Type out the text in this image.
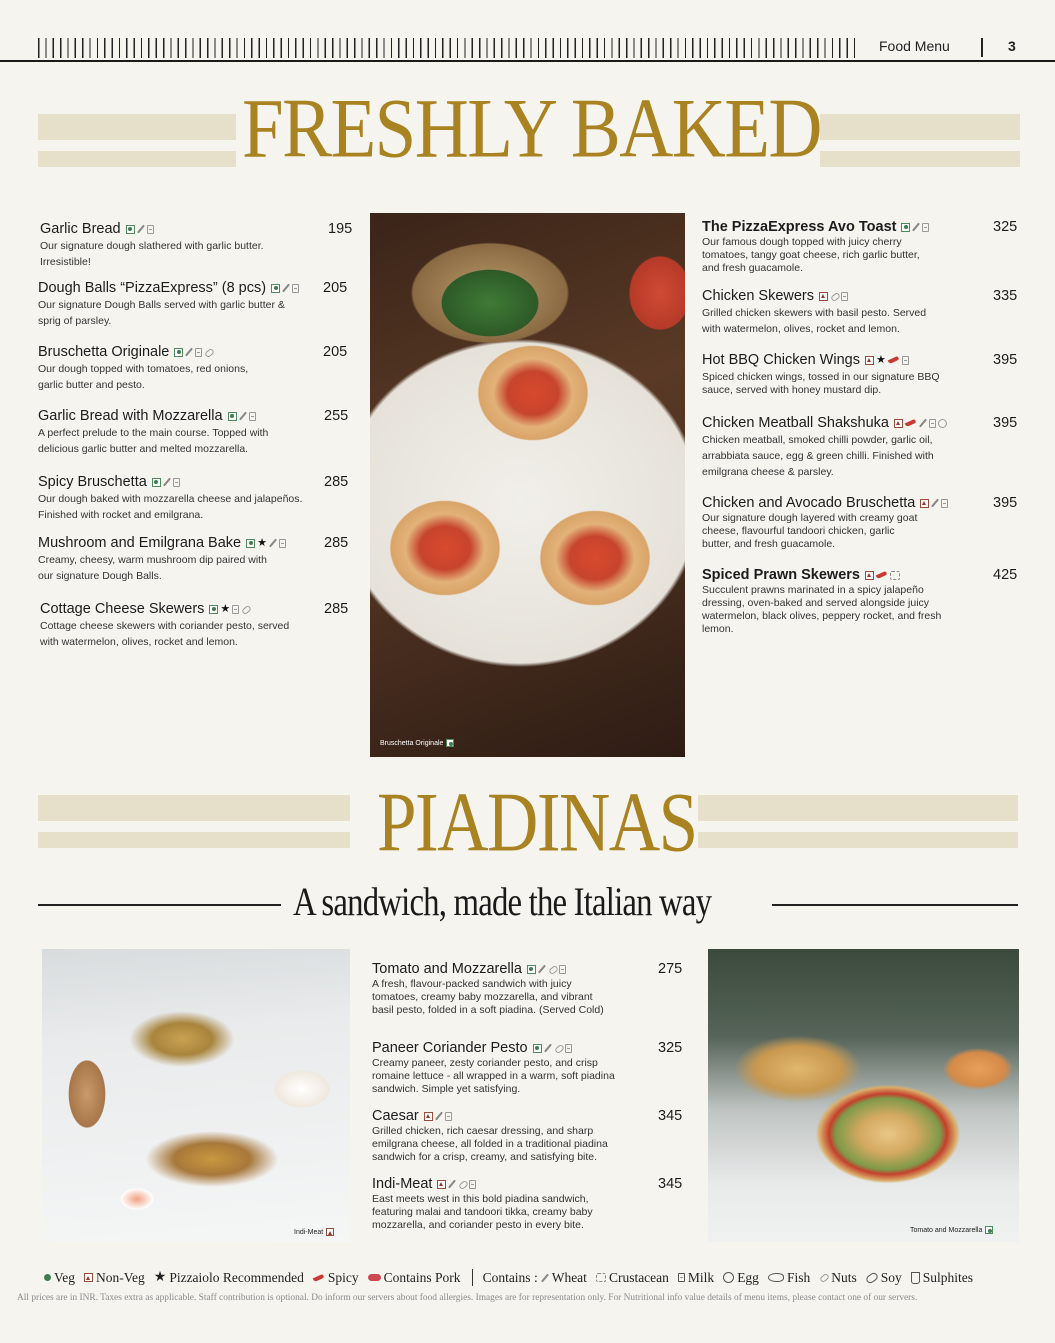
Food Menu	3
FRESHLY BAKED
Garlic Bread	195
Our signature dough slathered with garlic butter. Irresistible!
Dough Balls “PizzaExpress” (8 pcs)	205
Our signature Dough Balls served with garlic butter & sprig of parsley.
Bruschetta Originale	205
Our dough topped with tomatoes, red onions, garlic butter and pesto.
Garlic Bread with Mozzarella	255
A perfect prelude to the main course. Topped with delicious garlic butter and melted mozzarella.
Spicy Bruschetta	285
Our dough baked with mozzarella cheese and jalapeños. Finished with rocket and emilgrana.
Mushroom and Emilgrana Bake ★	285
Creamy, cheesy, warm mushroom dip paired with our signature Dough Balls.
Cottage Cheese Skewers ★	285
Cottage cheese skewers with coriander pesto, served with watermelon, olives, rocket and lemon.
Bruschetta Originale
The PizzaExpress Avo Toast	325
Our famous dough topped with juicy cherry tomatoes, tangy goat cheese, rich garlic butter, and fresh guacamole.
Chicken Skewers	335
Grilled chicken skewers with basil pesto. Served with watermelon, olives, rocket and lemon.
Hot BBQ Chicken Wings ★	395
Spiced chicken wings, tossed in our signature BBQ sauce, served with honey mustard dip.
Chicken Meatball Shakshuka	395
Chicken meatball, smoked chilli powder, garlic oil, arrabbiata sauce, egg & green chilli. Finished with emilgrana cheese & parsley.
Chicken and Avocado Bruschetta	395
Our signature dough layered with creamy goat cheese, flavourful tandoori chicken, garlic butter, and fresh guacamole.
Spiced Prawn Skewers	425
Succulent prawns marinated in a spicy jalapeño dressing, oven-baked and served alongside juicy watermelon, black olives, peppery rocket, and fresh lemon.
PIADINAS
A sandwich, made the Italian way
Indi-Meat
Tomato and Mozzarella	275
A fresh, flavour-packed sandwich with juicy tomatoes, creamy baby mozzarella, and vibrant basil pesto, folded in a soft piadina. (Served Cold)
Paneer Coriander Pesto	325
Creamy paneer, zesty coriander pesto, and crisp romaine lettuce - all wrapped in a warm, soft piadina sandwich. Simple yet satisfying.
Caesar	345
Grilled chicken, rich caesar dressing, and sharp emilgrana cheese, all folded in a traditional piadina sandwich for a crisp, creamy, and satisfying bite.
Indi-Meat	345
East meets west in this bold piadina sandwich, featuring malai and tandoori tikka, creamy baby mozzarella, and coriander pesto in every bite.	Tomato and Mozzarella
Veg Non-Veg ★ Pizzaiolo Recommended Spicy Contains Pork Contains : Wheat Crustacean Milk Egg Fish Nuts Soy Sulphites
All prices are in INR. Taxes extra as applicable. Staff contribution is optional. Do inform our servers about food allergies. Images are for representation only. For Nutritional info value details of menu items, please contact one of our servers.
